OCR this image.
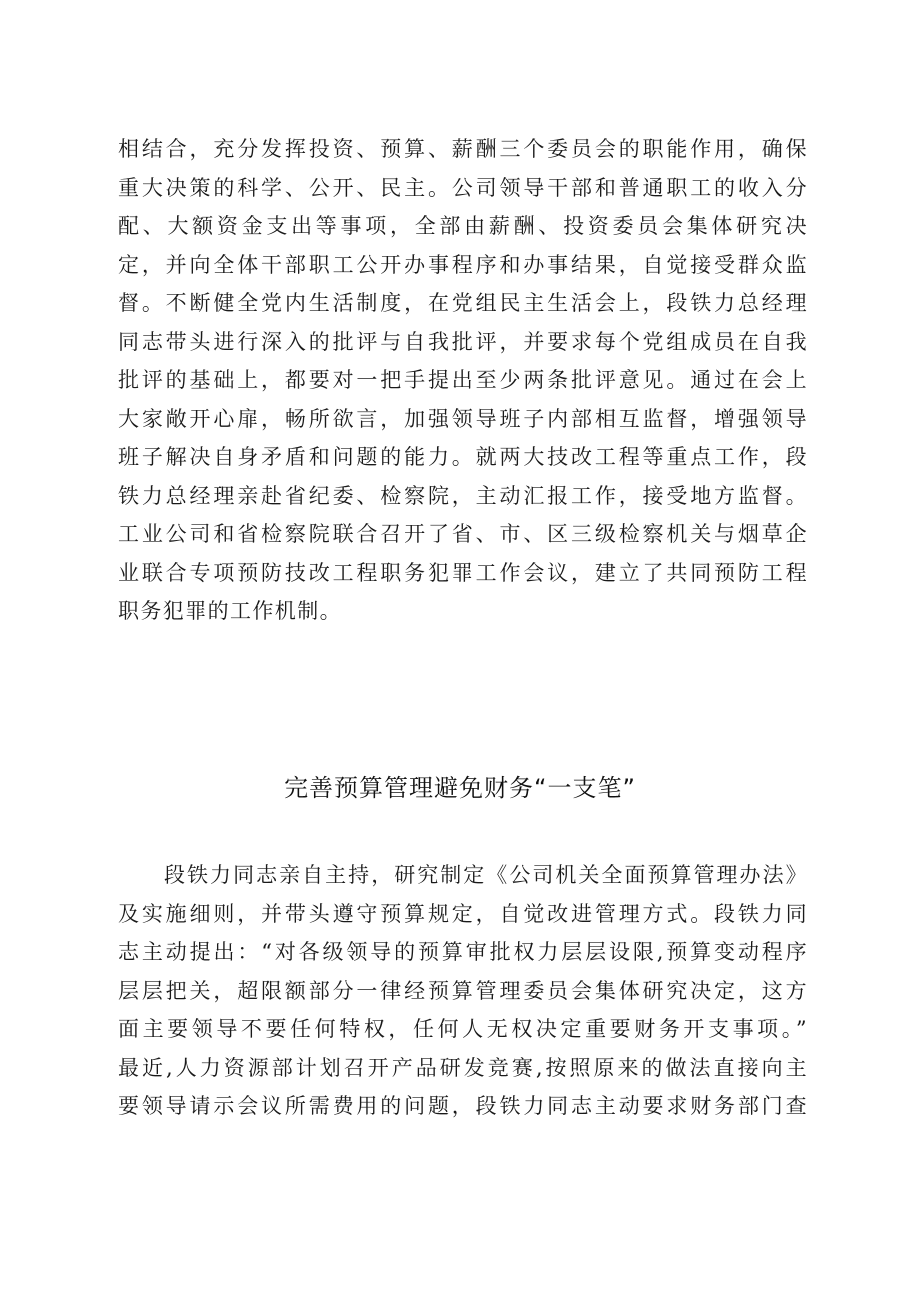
相结合，充分发挥投资、预算、薪酬三个委员会的职能作用，确保
重大决策的科学、公开、民主。公司领导干部和普通职工的收入分
配、大额资金支出等事项，全部由薪酬、投资委员会集体研究决
定，并向全体干部职工公开办事程序和办事结果，自觉接受群众监
督。不断健全党内生活制度，在党组民主生活会上，段铁力总经理
同志带头进行深入的批评与自我批评，并要求每个党组成员在自我
批评的基础上，都要对一把手提出至少两条批评意见。通过在会上
大家敞开心扉，畅所欲言，加强领导班子内部相互监督，增强领导
班子解决自身矛盾和问题的能力。就两大技改工程等重点工作，段
铁力总经理亲赴省纪委、检察院，主动汇报工作，接受地方监督。
工业公司和省检察院联合召开了省、市、区三级检察机关与烟草企
业联合专项预防技改工程职务犯罪工作会议，建立了共同预防工程
职务犯罪的工作机制。
完善预算管理避免财务“一支笔”
段铁力同志亲自主持，研究制定《公司机关全面预算管理办法》
及实施细则，并带头遵守预算规定，自觉改进管理方式。段铁力同
志主动提出：“对各级领导的预算审批权力层层设限,预算变动程序
层层把关，超限额部分一律经预算管理委员会集体研究决定，这方
面主要领导不要任何特权，任何人无权决定重要财务开支事项。”
最近,人力资源部计划召开产品研发竞赛,按照原来的做法直接向主
要领导请示会议所需费用的问题，段铁力同志主动要求财务部门查
